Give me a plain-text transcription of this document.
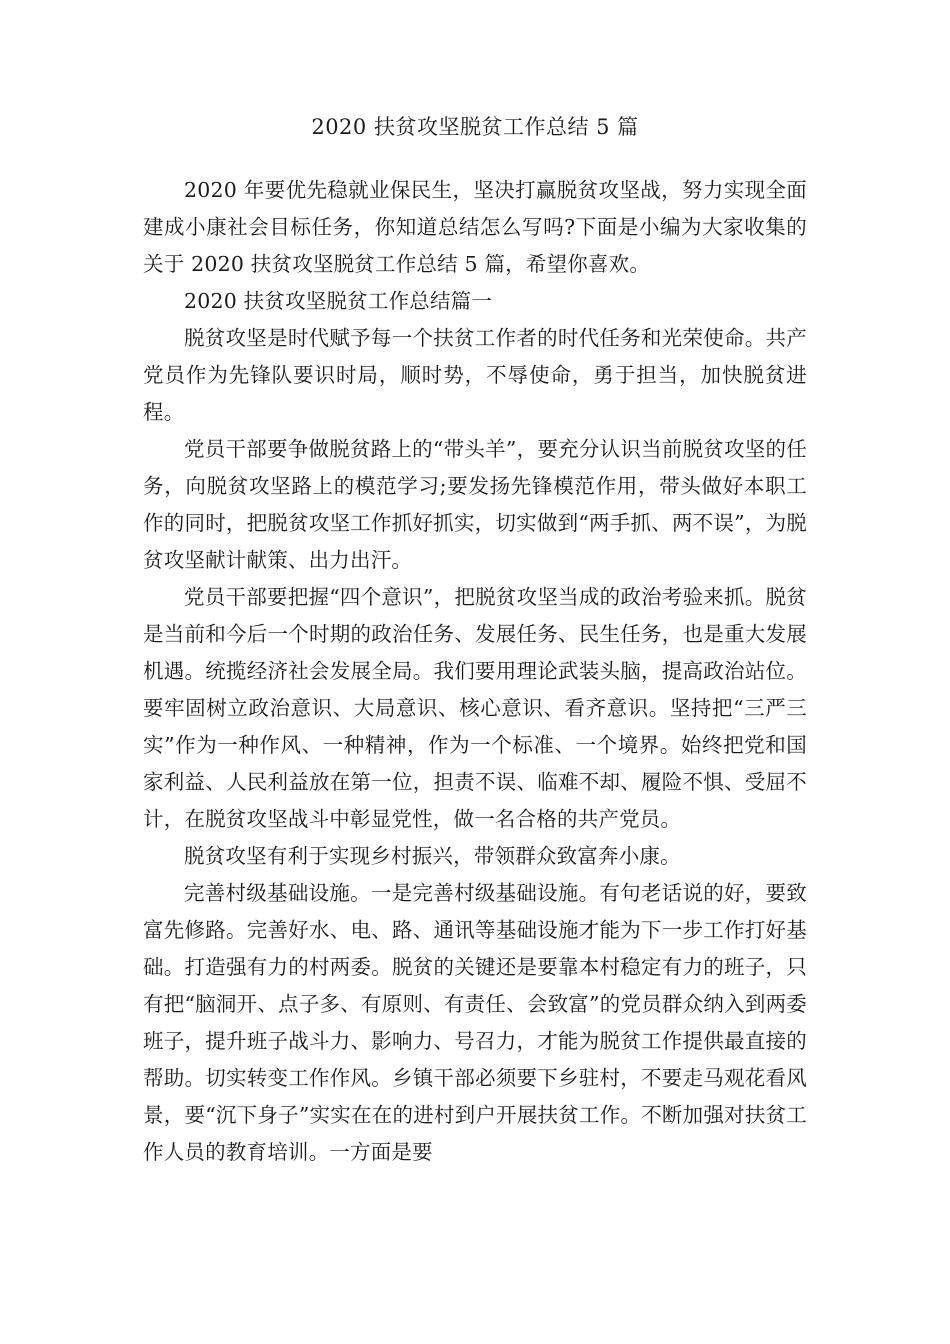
2020 扶贫攻坚脱贫工作总结 5 篇

2020 年要优先稳就业保民生，坚决打赢脱贫攻坚战，努力实现全面建成小康社会目标任务，你知道总结怎么写吗?下面是小编为大家收集的关于 2020 扶贫攻坚脱贫工作总结 5 篇，希望你喜欢。

2020 扶贫攻坚脱贫工作总结篇一

脱贫攻坚是时代赋予每一个扶贫工作者的时代任务和光荣使命。共产党员作为先锋队要识时局，顺时势，不辱使命，勇于担当，加快脱贫进程。

党员干部要争做脱贫路上的“带头羊”，要充分认识当前脱贫攻坚的任务，向脱贫攻坚路上的模范学习;要发扬先锋模范作用，带头做好本职工作的同时，把脱贫攻坚工作抓好抓实，切实做到“两手抓、两不误”，为脱贫攻坚献计献策、出力出汗。

党员干部要把握“四个意识”，把脱贫攻坚当成的政治考验来抓。脱贫是当前和今后一个时期的政治任务、发展任务、民生任务，也是重大发展机遇。统揽经济社会发展全局。我们要用理论武装头脑，提高政治站位。要牢固树立政治意识、大局意识、核心意识、看齐意识。坚持把“三严三实”作为一种作风、一种精神，作为一个标准、一个境界。始终把党和国家利益、人民利益放在第一位，担责不误、临难不却、履险不惧、受屈不计，在脱贫攻坚战斗中彰显党性，做一名合格的共产党员。

脱贫攻坚有利于实现乡村振兴，带领群众致富奔小康。

完善村级基础设施。一是完善村级基础设施。有句老话说的好，要致富先修路。完善好水、电、路、通讯等基础设施才能为下一步工作打好基础。打造强有力的村两委。脱贫的关键还是要靠本村稳定有力的班子，只有把“脑洞开、点子多、有原则、有责任、会致富”的党员群众纳入到两委班子，提升班子战斗力、影响力、号召力，才能为脱贫工作提供最直接的帮助。切实转变工作作风。乡镇干部必须要下乡驻村，不要走马观花看风景，要“沉下身子”实实在在的进村到户开展扶贫工作。不断加强对扶贫工作人员的教育培训。一方面是要
